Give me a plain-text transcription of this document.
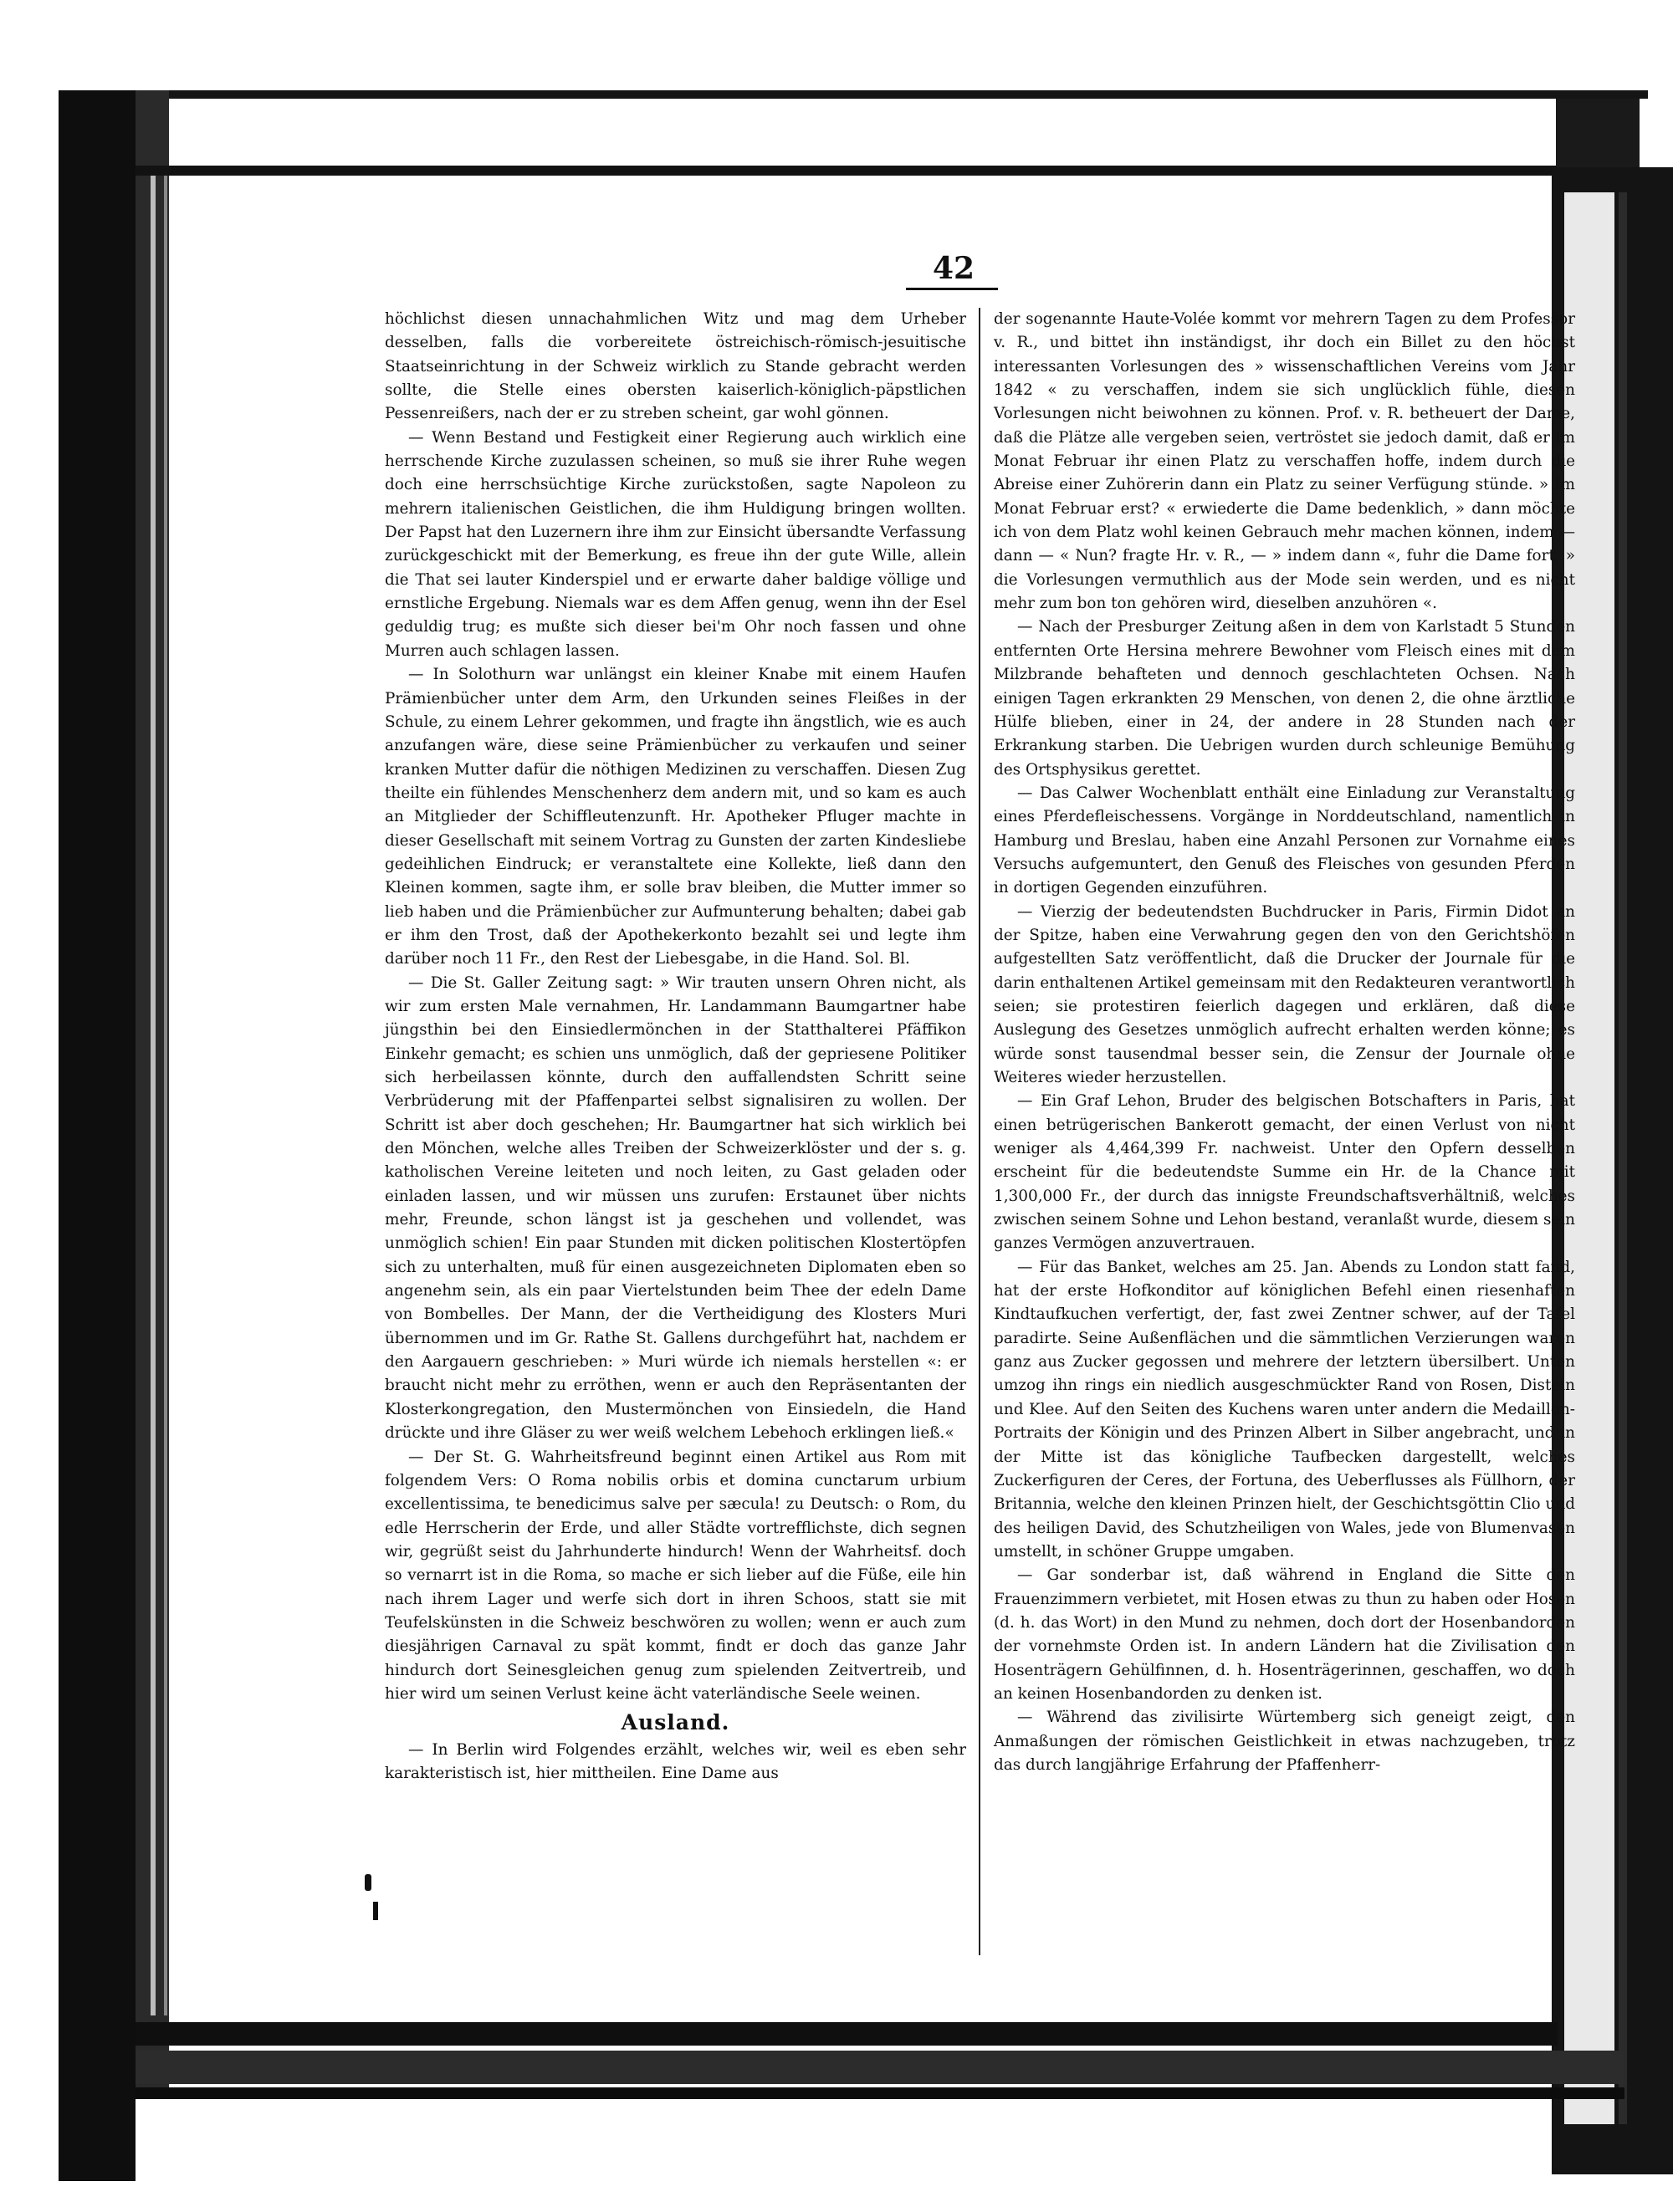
42

höchlichst diesen unnachahmlichen Witz und mag dem Urheber desselben, falls die vorbereitete östreichisch-römisch-jesuitische Staatseinrichtung in der Schweiz wirklich zu Stande gebracht werden sollte, die Stelle eines obersten kaiserlich-königlich-päpstlichen Pessenreißers, nach der er zu streben scheint, gar wohl gönnen.

— Wenn Bestand und Festigkeit einer Regierung auch wirklich eine herrschende Kirche zuzulassen scheinen, so muß sie ihrer Ruhe wegen doch eine herrschsüchtige Kirche zurückstoßen, sagte Napoleon zu mehrern italienischen Geistlichen, die ihm Huldigung bringen wollten. Der Papst hat den Luzernern ihre ihm zur Einsicht übersandte Verfassung zurückgeschickt mit der Bemerkung, es freue ihn der gute Wille, allein die That sei lauter Kinderspiel und er erwarte daher baldige völlige und ernstliche Ergebung. Niemals war es dem Affen genug, wenn ihn der Esel geduldig trug; es mußte sich dieser bei'm Ohr noch fassen und ohne Murren auch schlagen lassen.

— In Solothurn war unlängst ein kleiner Knabe mit einem Haufen Prämienbücher unter dem Arm, den Urkunden seines Fleißes in der Schule, zu einem Lehrer gekommen, und fragte ihn ängstlich, wie es auch anzufangen wäre, diese seine Prämienbücher zu verkaufen und seiner kranken Mutter dafür die nöthigen Medizinen zu verschaffen. Diesen Zug theilte ein fühlendes Menschenherz dem andern mit, und so kam es auch an Mitglieder der Schiffleutenzunft. Hr. Apotheker Pfluger machte in dieser Gesellschaft mit seinem Vortrag zu Gunsten der zarten Kindesliebe gedeihlichen Eindruck; er veranstaltete eine Kollekte, ließ dann den Kleinen kommen, sagte ihm, er solle brav bleiben, die Mutter immer so lieb haben und die Prämienbücher zur Aufmunterung behalten; dabei gab er ihm den Trost, daß der Apothekerkonto bezahlt sei und legte ihm darüber noch 11 Fr., den Rest der Liebesgabe, in die Hand. Sol. Bl.

— Die St. Galler Zeitung sagt: » Wir trauten unsern Ohren nicht, als wir zum ersten Male vernahmen, Hr. Landammann Baumgartner habe jüngsthin bei den Einsiedlermönchen in der Statthalterei Pfäffikon Einkehr gemacht; es schien uns unmöglich, daß der gepriesene Politiker sich herbeilassen könnte, durch den auffallendsten Schritt seine Verbrüderung mit der Pfaffenpartei selbst signalisiren zu wollen. Der Schritt ist aber doch geschehen; Hr. Baumgartner hat sich wirklich bei den Mönchen, welche alles Treiben der Schweizerklöster und der s. g. katholischen Vereine leiteten und noch leiten, zu Gast geladen oder einladen lassen, und wir müssen uns zurufen: Erstaunet über nichts mehr, Freunde, schon längst ist ja geschehen und vollendet, was unmöglich schien! Ein paar Stunden mit dicken politischen Klostertöpfen sich zu unterhalten, muß für einen ausgezeichneten Diplomaten eben so angenehm sein, als ein paar Viertelstunden beim Thee der edeln Dame von Bombelles. Der Mann, der die Vertheidigung des Klosters Muri übernommen und im Gr. Rathe St. Gallens durchgeführt hat, nachdem er den Aargauern geschrieben: » Muri würde ich niemals herstellen «: er braucht nicht mehr zu erröthen, wenn er auch den Repräsentanten der Klosterkongregation, den Mustermönchen von Einsiedeln, die Hand drückte und ihre Gläser zu wer weiß welchem Lebehoch erklingen ließ.«

— Der St. G. Wahrheitsfreund beginnt einen Artikel aus Rom mit folgendem Vers: O Roma nobilis orbis et domina cunctarum urbium excellentissima, te benedicimus salve per sæcula! zu Deutsch: o Rom, du edle Herrscherin der Erde, und aller Städte vortrefflichste, dich segnen wir, gegrüßt seist du Jahrhunderte hindurch! Wenn der Wahrheitsf. doch so vernarrt ist in die Roma, so mache er sich lieber auf die Füße, eile hin nach ihrem Lager und werfe sich dort in ihren Schoos, statt sie mit Teufelskünsten in die Schweiz beschwören zu wollen; wenn er auch zum diesjährigen Carnaval zu spät kommt, findt er doch das ganze Jahr hindurch dort Seinesgleichen genug zum spielenden Zeitvertreib, und hier wird um seinen Verlust keine ächt vaterländische Seele weinen.

Ausland.

— In Berlin wird Folgendes erzählt, welches wir, weil es eben sehr karakteristisch ist, hier mittheilen. Eine Dame aus

der sogenannte Haute-Volée kommt vor mehrern Tagen zu dem Professor v. R., und bittet ihn inständigst, ihr doch ein Billet zu den höchst interessanten Vorlesungen des » wissenschaftlichen Vereins vom Jahr 1842 « zu verschaffen, indem sie sich unglücklich fühle, diesen Vorlesungen nicht beiwohnen zu können. Prof. v. R. betheuert der Dame, daß die Plätze alle vergeben seien, vertröstet sie jedoch damit, daß er im Monat Februar ihr einen Platz zu verschaffen hoffe, indem durch die Abreise einer Zuhörerin dann ein Platz zu seiner Verfügung stünde. » Im Monat Februar erst? « erwiederte die Dame bedenklich, » dann möchte ich von dem Platz wohl keinen Gebrauch mehr machen können, indem — dann — « Nun? fragte Hr. v. R., — » indem dann «, fuhr die Dame fort, » die Vorlesungen vermuthlich aus der Mode sein werden, und es nicht mehr zum bon ton gehören wird, dieselben anzuhören «.

— Nach der Presburger Zeitung aßen in dem von Karlstadt 5 Stunden entfernten Orte Hersina mehrere Bewohner vom Fleisch eines mit dem Milzbrande behafteten und dennoch geschlachteten Ochsen. Nach einigen Tagen erkrankten 29 Menschen, von denen 2, die ohne ärztliche Hülfe blieben, einer in 24, der andere in 28 Stunden nach der Erkrankung starben. Die Uebrigen wurden durch schleunige Bemühung des Ortsphysikus gerettet.

— Das Calwer Wochenblatt enthält eine Einladung zur Veranstaltung eines Pferdefleischessens. Vorgänge in Norddeutschland, namentlich in Hamburg und Breslau, haben eine Anzahl Personen zur Vornahme eines Versuchs aufgemuntert, den Genuß des Fleisches von gesunden Pferden in dortigen Gegenden einzuführen.

— Vierzig der bedeutendsten Buchdrucker in Paris, Firmin Didot an der Spitze, haben eine Verwahrung gegen den von den Gerichtshöfen aufgestellten Satz veröffentlicht, daß die Drucker der Journale für die darin enthaltenen Artikel gemeinsam mit den Redakteuren verantwortlich seien; sie protestiren feierlich dagegen und erklären, daß diese Auslegung des Gesetzes unmöglich aufrecht erhalten werden könne; es würde sonst tausendmal besser sein, die Zensur der Journale ohne Weiteres wieder herzustellen.

— Ein Graf Lehon, Bruder des belgischen Botschafters in Paris, hat einen betrügerischen Bankerott gemacht, der einen Verlust von nicht weniger als 4,464,399 Fr. nachweist. Unter den Opfern desselben erscheint für die bedeutendste Summe ein Hr. de la Chance mit 1,300,000 Fr., der durch das innigste Freundschaftsverhältniß, welches zwischen seinem Sohne und Lehon bestand, veranlaßt wurde, diesem sein ganzes Vermögen anzuvertrauen.

— Für das Banket, welches am 25. Jan. Abends zu London statt fand, hat der erste Hofkonditor auf königlichen Befehl einen riesenhaften Kindtaufkuchen verfertigt, der, fast zwei Zentner schwer, auf der Tafel paradirte. Seine Außenflächen und die sämmtlichen Verzierungen waren ganz aus Zucker gegossen und mehrere der letztern übersilbert. Unten umzog ihn rings ein niedlich ausgeschmückter Rand von Rosen, Disteln und Klee. Auf den Seiten des Kuchens waren unter andern die Medaillon-Portraits der Königin und des Prinzen Albert in Silber angebracht, und in der Mitte ist das königliche Taufbecken dargestellt, welches Zuckerfiguren der Ceres, der Fortuna, des Ueberflusses als Füllhorn, der Britannia, welche den kleinen Prinzen hielt, der Geschichtsgöttin Clio und des heiligen David, des Schutzheiligen von Wales, jede von Blumenvasen umstellt, in schöner Gruppe umgaben.

— Gar sonderbar ist, daß während in England die Sitte den Frauenzimmern verbietet, mit Hosen etwas zu thun zu haben oder Hosen (d. h. das Wort) in den Mund zu nehmen, doch dort der Hosenbandorden der vornehmste Orden ist. In andern Ländern hat die Zivilisation den Hosenträgern Gehülfinnen, d. h. Hosenträgerinnen, geschaffen, wo doch an keinen Hosenbandorden zu denken ist.

— Während das zivilisirte Würtemberg sich geneigt zeigt, den Anmaßungen der römischen Geistlichkeit in etwas nachzugeben, trotz das durch langjährige Erfahrung der Pfaffenherr-
